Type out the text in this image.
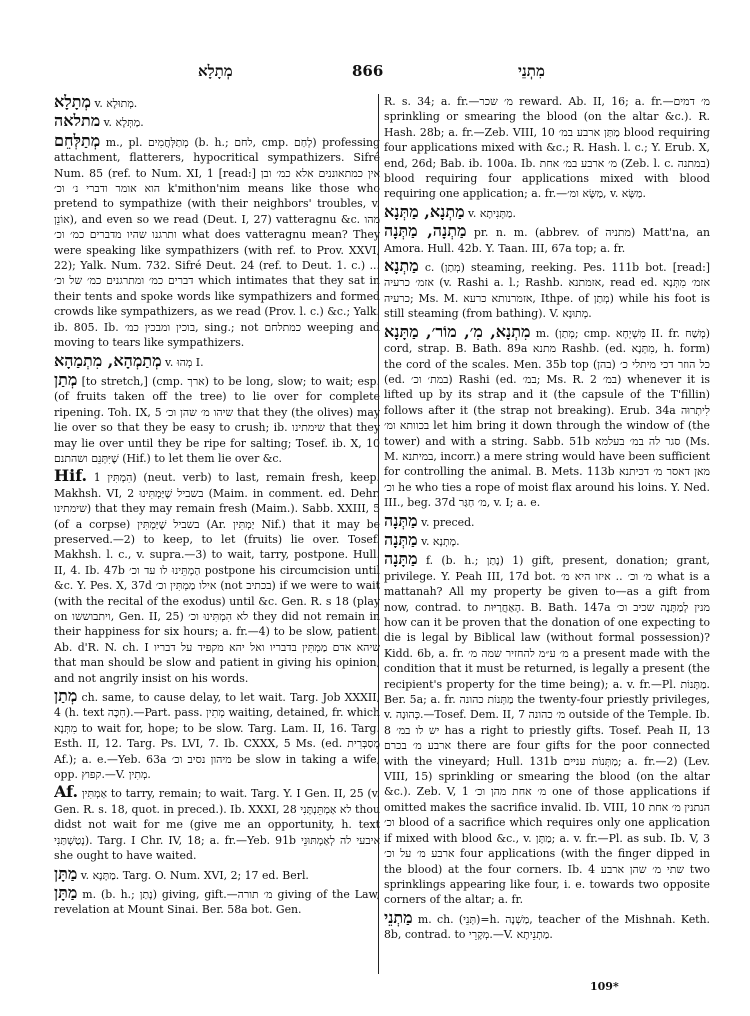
מְתָלָא	866	מִתְנֵי
מְתָלָא v. מְתוּלָא.
מתלאה v. מַתְּלָא.
מְתַלְּחֵם m., pl. מְתַלְּחֲמִים (b. h.; לחם, cmp. לְחַם) professing attachment, flatterers, hypocritical sympathizers. Sifré Num. 85 (ref. to Num. XI, 1 [read:] אין כמתאוננים אלא כמ׳ ובן הוא אומר ודברי נ׳ וכ׳ k'mithon'nim means like those who pretend to sympathize (with their neighbors' troubles, v. אוֹנֵן), and even so we read (Deut. I, 27) vatteragnu &c. מהו ותרגנו שהיו מדברים כמ׳ וכ׳ what does vatteragnu mean? They were speaking like sympathizers (with ref. to Prov. XXVI, 22); Yalk. Num. 732. Sifré Deut. 24 (ref. to Deut. 1. c.) ... דברים כמ׳ ומתרגנים כמ׳ של וכ׳ which intimates that they sat in their tents and spoke words like sympathizers and formed crowds like sympathizers, as we read (Prov. l. c.) &c.; Yalk. ib. 805. Ib. בוכין ומבכין כמ׳, sing.; not כמתלחם weeping and moving to tears like sympathizers.
מְתַמְהָא, מִתְמַהָא v. מְהוּ I.
מְתַן [to stretch,] (cmp. ארך) to be long, slow; to wait; esp. (of fruits taken off the tree) to lie over for complete ripening. Toh. IX, 5 שיהו מ׳ שהן וכ׳ that they (the olives) may lie over so that they be easy to crush; ib. שימתינו that they may lie over until they be ripe for salting; Tosef. ib. X, 10 שֶׁיִּתְּנֵם ושהתנם (Hif.) to let them lie over &c.
Hif. הִמְתִּין 1) (neut. verb) to last, remain fresh, keep. Makhsh. VI, 2 בשביל שֶׁיַּמְתִּינוּ (Maim. in comment. ed. Dehr. שימתינו) that they may remain fresh (Maim.). Sabb. XXIII, 5 (of a corpse) בשביל שֶׁיַּמְתִּין (Ar. יַמְתִּין Nif.) that it may be preserved.—2) to keep, to let (fruits) lie over. Tosef. Makhsh. l. c., v. supra.—3) to wait, tarry, postpone. Hull. II, 4. Ib. 47b הַמְתֵּינוּ לו עד וכ׳ postpone his circumcision until &c. Y. Pes. X, 37d אילו מַמְתִּין וכ׳ (not בכתיב) if we were to wait (with the recital of the exodus) until &c. Gen. R. s 18 (play on ויתבוששו, Gen. II, 25) לא הִמְתִּינוּ וכ׳ they did not remain in their happiness for six hours; a. fr.—4) to be slow, patient. Ab. d'R. N. ch. I שיהא אדם מַמְתִּין בדבריו ואל יהא מקפיד על דבריו that man should be slow and patient in giving his opinion, and not angrily insist on his words.
מְתַן ch. same, to cause delay, to let wait. Targ. Job XXXII, 4 (h. text חִכָּה).—Part. pass. מְתִין waiting, detained, fr. which מִתְּנָא to wait for, hope; to be slow. Targ. Lam. II, 16. Targ. Esth. II, 12. Targ. Ps. LVI, 7. Ib. CXXX, 5 Ms. (ed. מְסַבְּרִית Af.); a. e.—Yeb. 63a מיהון נסיב וכ׳ be slow in taking a wife, opp. קפוץ.—V. מְתִין.
Af. אַמְתִּין to tarry, remain; to wait. Targ. Y. I Gen. II, 25 (v. Gen. R. s. 18, quot. in preced.). Ib. XXXI, 28 לא אַמְתֵּנְתָּנִי thou didst not wait for me (give me an opportunity, h. text נְטַשְׁתַּנִי). Targ. I Chr. IV, 18; a. fr.—Yeb. 91b איבעי לה לְאַמְתּוּנֵי she ought to have waited.
מַתָּן v. מַתָּנָא. Targ. O. Num. XVI, 2; 17 ed. Berl.
מַתָּן m. (b. h.; נָתַן) giving, gift.—מ׳ תורה giving of the Law, revelation at Mount Sinai. Ber. 58a bot. Gen.
R. s. 34; a. fr.—מ׳ שכר reward. Ab. II, 16; a. fr.—מ׳ דמים sprinkling or smearing the blood (on the altar &c.). R. Hash. 28b; a. fr.—Zeb. VIII, 10 מַתַּן ארבע במ׳ blood requiring four applications mixed with &c.; R. Hash. l. c.; Y. Erub. X, end, 26d; Bab. ib. 100a. Ib. מ׳ ארבע במ׳ אחת (Zeb. l. c. במתנה) blood requiring four applications mixed with blood requiring one application; a. fr.—מַשָּׂא ומ׳, v. מַשָּׂא.
מַתְנָא, מַתְּנָא v. מַתְּנִיתָא.
מַתְנָה, מַתְּנָה pr. n. m. (abbrev. of מתניה) Matt'na, an Amora. Hull. 42b. Y. Taan. III, 67a top; a. fr.
מַתְנָא c. (מְתַן) steaming, reeking. Pes. 111b bot. [read:] אזמ׳ כרעיה (v. Rashi a. l.; Rashb. אזמתנא, read ed. אזמ׳ מִתְּנָא כרעיה; Ms. M. אזמרנותא כרעא, Ithpe. of מְתַן) while his foot is still steaming (from bathing). V. מְתוּנָא.
מִתְנָא, מִ׳, מוֹר׳, מַתָּנָא m. (מְתַן; cmp. מִשְׁיְחָא II. fr. מְשַׁח) cord, strap. B. Bath. 89a מתנא Rashb. (ed. מִתְּנָא, h. form) the cord of the scales. Men. 35b top (בהן) כל הוזר דכי מיתלי כ׳ (ed. במת׳ וכ׳) Rashi (ed. במ׳; Ms. R. 2 במ׳) whenever it is lifted up by its strap and it (the capsule of the T'fillin) follows after it (the strap not breaking). Erub. 34a לִיתְרוּה בכוותא ומ׳ let him bring it down through the window of (the tower) and with a string. Sabb. 51b סגר לה במ׳ בעלמא (Ms. M. במיתנא, incorr.) a mere string would have been sufficient for controlling the animal. B. Mets. 113b מאן דאסר מ׳ דכיתנא וכ׳ he who ties a rope of moist flax around his loins. Y. Ned. III., beg. 37d מ׳ חַגַּר, v. I; a. e.
מַתְּנָה v. preced.
מַתְּנָה v. מָתְנָא.
מַתָּנָה f. (b. h.; נָתַן) 1) gift, present, donation; grant, privilege. Y. Peah III, 17d bot. מ׳ וכ׳ .. איזו היא מ׳ what is a mattanah? All my property be given to—as a gift from now, contrad. to הָאַחֲרַיּוּת. B. Bath. 147a מנין לְמַתָּנָה שכיב וכ׳ how can it be proven that the donation of one expecting to die is legal by Biblical law (without formal possession)? Kidd. 6b, a. fr. מ׳ ע״מ להחזיר שמה מ׳ a present made with the condition that it must be returned, is legally a present (the recipient's property for the time being); a. v. fr.—Pl. מַתָּנוֹת. Ber. 5a; a. fr. מַתְּנוֹת כהונה the twenty-four priestly privileges, v. כְּהוּנָה.—Tosef. Dem. II, 7 מ׳ כהונה outside of the Temple. Ib. 8 יש לו במ׳ has a right to priestly gifts. Tosef. Peah II, 13 ארבע מ׳ בכרם there are four gifts for the poor connected with the vineyard; Hull. 131b מַתְּנוֹת עניים; a. fr.—2) (Lev. VIII, 15) sprinkling or smearing the blood (on the altar &c.). Zeb. V, 1 מ׳ אחת מהן וכ׳ one of those applications if omitted makes the sacrifice invalid. Ib. VIII, 10 הנתנין מ׳ אחת וכ׳ blood of a sacrifice which requires only one application if mixed with blood &c., v. מַתָּן; a. v. fr.—Pl. as sub. Ib. V, 3 ארבע מ׳ על וכ׳ four applications (with the finger dipped in the blood) at the four corners. Ib. 4 שתי מ׳ שהן ארבע two sprinklings appearing like four, i. e. towards two opposite corners of the altar; a. fr.
מַתְנֵי m. ch. (תְּנֵי)=h. מַשְׁנֶה, teacher of the Mishnah. Keth. 8b, contrad. to מְקָרֵי.—V. מַתְנֵיתָא.
109*
